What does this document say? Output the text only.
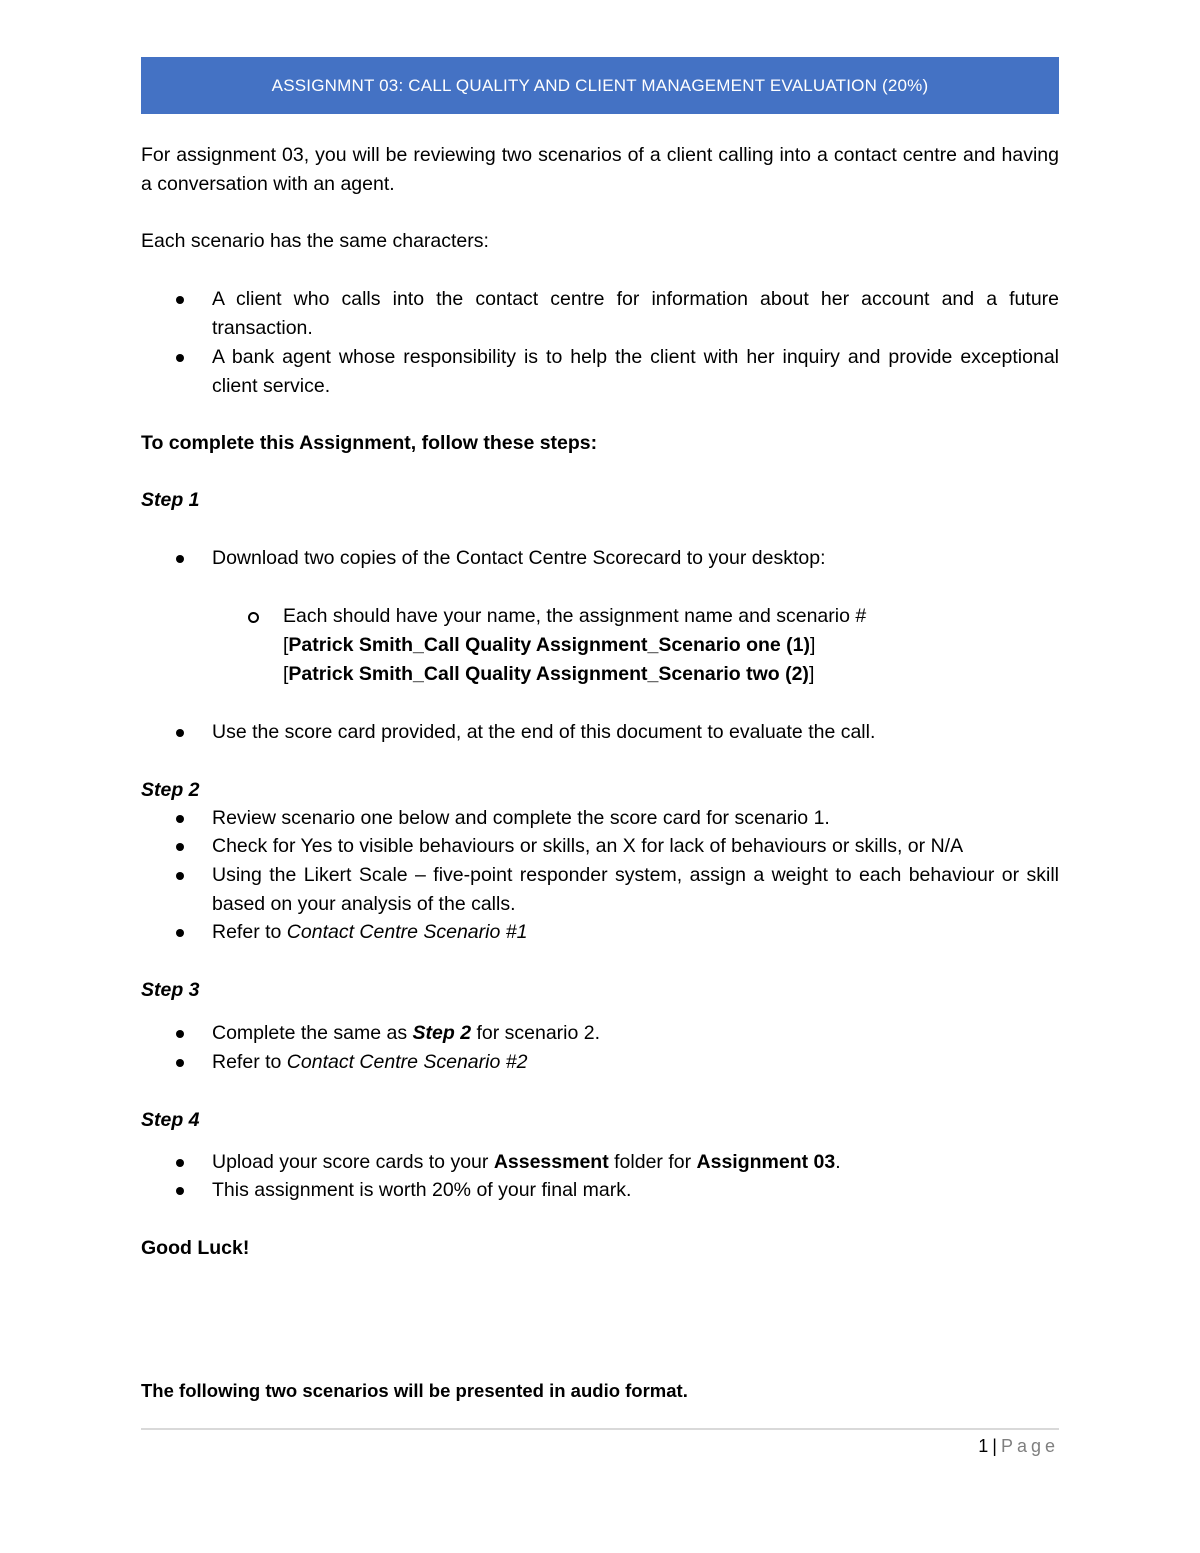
ASSIGNMNT 03: CALL QUALITY AND CLIENT MANAGEMENT EVALUATION (20%)
For assignment 03, you will be reviewing two scenarios of a client calling into a contact centre and having a conversation with an agent.
Each scenario has the same characters:
A client who calls into the contact centre for information about her account and a future transaction.
A bank agent whose responsibility is to help the client with her inquiry and provide exceptional client service.
To complete this Assignment, follow these steps:
Step 1
Download two copies of the Contact Centre Scorecard to your desktop:
Each should have your name, the assignment name and scenario #
[Patrick Smith_Call Quality Assignment_Scenario one (1)]
[Patrick Smith_Call Quality Assignment_Scenario two (2)]
Use the score card provided, at the end of this document to evaluate the call.
Step 2
Review scenario one below and complete the score card for scenario 1.
Check for Yes to visible behaviours or skills, an X for lack of behaviours or skills, or N/A
Using the Likert Scale – five-point responder system, assign a weight to each behaviour or skill based on your analysis of the calls.
Refer to Contact Centre Scenario #1
Step 3
Complete the same as Step 2 for scenario 2.
Refer to Contact Centre Scenario #2
Step 4
Upload your score cards to your Assessment folder for Assignment 03.
This assignment is worth 20% of your final mark.
Good Luck!
The following two scenarios will be presented in audio format.
1 | Page
